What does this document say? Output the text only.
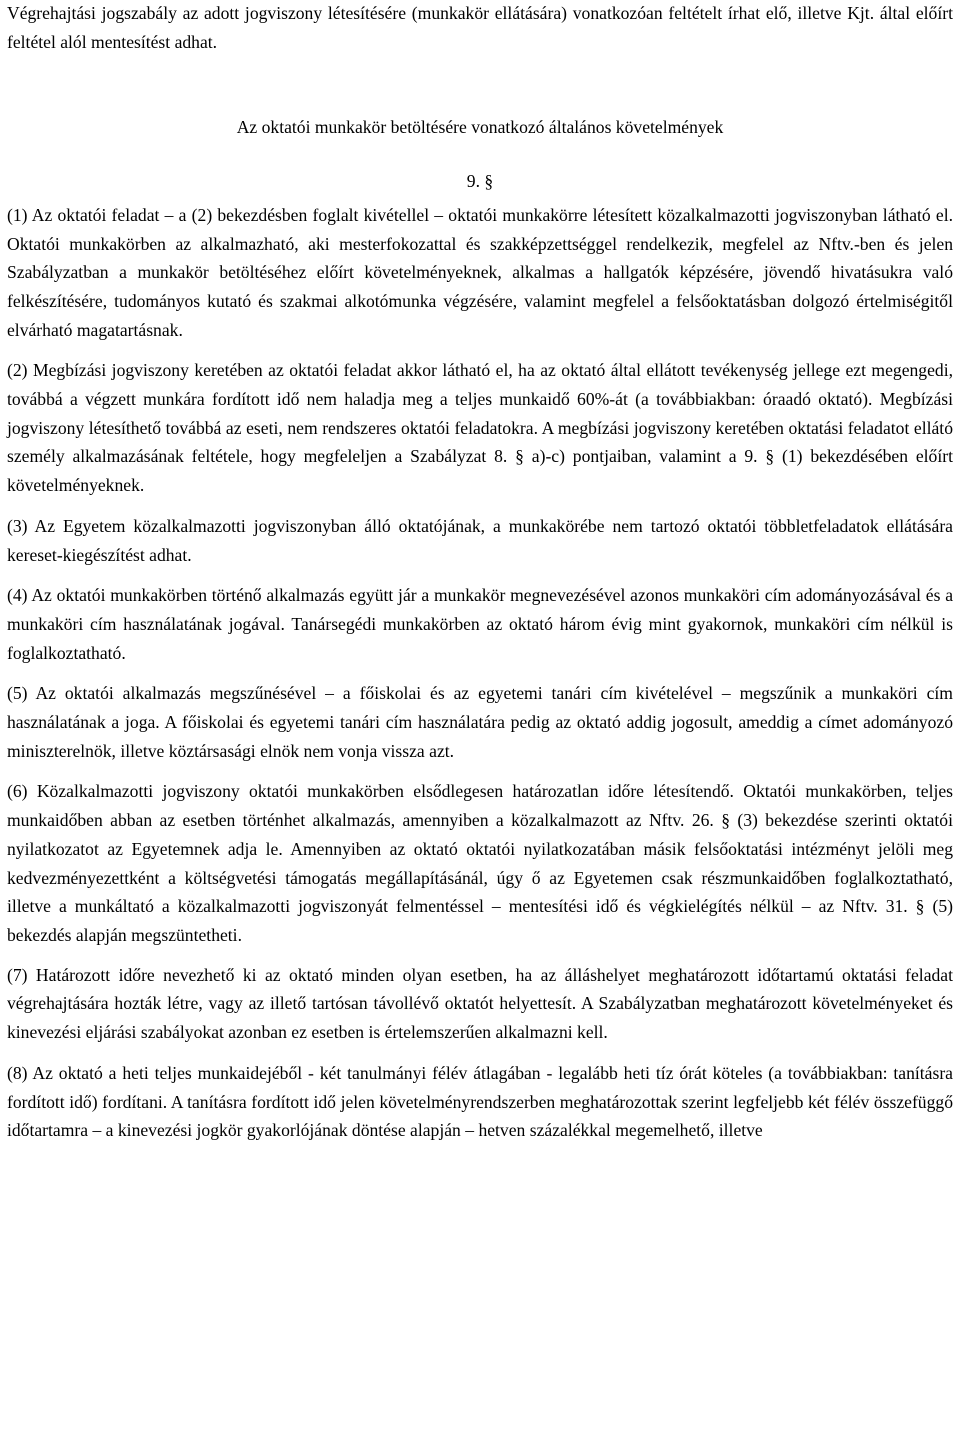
Végrehajtási jogszabály az adott jogviszony létesítésére (munkakör ellátására) vonatkozóan feltételt írhat elő, illetve Kjt. által előírt feltétel alól mentesítést adhat.

Az oktatói munkakör betöltésére vonatkozó általános követelmények

9. §

(1) Az oktatói feladat – a (2) bekezdésben foglalt kivétellel – oktatói munkakörre létesített közalkalmazotti jogviszonyban látható el. Oktatói munkakörben az alkalmazható, aki mesterfokozattal és szakképzettséggel rendelkezik, megfelel az Nftv.-ben és jelen Szabályzatban a munkakör betöltéséhez előírt követelményeknek, alkalmas a hallgatók képzésére, jövendő hivatásukra való felkészítésére, tudományos kutató és szakmai alkotómunka végzésére, valamint megfelel a felsőoktatásban dolgozó értelmiségitől elvárható magatartásnak.

(2) Megbízási jogviszony keretében az oktatói feladat akkor látható el, ha az oktató által ellátott tevékenység jellege ezt megengedi, továbbá a végzett munkára fordított idő nem haladja meg a teljes munkaidő 60%-át (a továbbiakban: óraadó oktató). Megbízási jogviszony létesíthető továbbá az eseti, nem rendszeres oktatói feladatokra. A megbízási jogviszony keretében oktatási feladatot ellátó személy alkalmazásának feltétele, hogy megfeleljen a Szabályzat 8. § a)-c) pontjaiban, valamint a 9. § (1) bekezdésében előírt követelményeknek.

(3) Az Egyetem közalkalmazotti jogviszonyban álló oktatójának, a munkakörébe nem tartozó oktatói többletfeladatok ellátására kereset-kiegészítést adhat.

(4) Az oktatói munkakörben történő alkalmazás együtt jár a munkakör megnevezésével azonos munkaköri cím adományozásával és a munkaköri cím használatának jogával. Tanársegédi munkakörben az oktató három évig mint gyakornok, munkaköri cím nélkül is foglalkoztatható.

(5) Az oktatói alkalmazás megszűnésével – a főiskolai és az egyetemi tanári cím kivételével – megszűnik a munkaköri cím használatának a joga. A főiskolai és egyetemi tanári cím használatára pedig az oktató addig jogosult, ameddig a címet adományozó miniszterelnök, illetve köztársasági elnök nem vonja vissza azt.

(6) Közalkalmazotti jogviszony oktatói munkakörben elsődlegesen határozatlan időre létesítendő. Oktatói munkakörben, teljes munkaidőben abban az esetben történhet alkalmazás, amennyiben a közalkalmazott az Nftv. 26. § (3) bekezdése szerinti oktatói nyilatkozatot az Egyetemnek adja le. Amennyiben az oktató oktatói nyilatkozatában másik felsőoktatási intézményt jelöli meg kedvezményezettként a költségvetési támogatás megállapításánál, úgy ő az Egyetemen csak részmunkaidőben foglalkoztatható, illetve a munkáltató a közalkalmazotti jogviszonyát felmentéssel – mentesítési idő és végkielégítés nélkül – az Nftv. 31. § (5) bekezdés alapján megszüntetheti.

(7) Határozott időre nevezhető ki az oktató minden olyan esetben, ha az álláshelyet meghatározott időtartamú oktatási feladat végrehajtására hozták létre, vagy az illető tartósan távollévő oktatót helyettesít. A Szabályzatban meghatározott követelményeket és kinevezési eljárási szabályokat azonban ez esetben is értelemszerűen alkalmazni kell.

(8) Az oktató a heti teljes munkaidejéből - két tanulmányi félév átlagában - legalább heti tíz órát köteles (a továbbiakban: tanításra fordított idő) fordítani. A tanításra fordított idő jelen követelményrendszerben meghatározottak szerint legfeljebb két félév összefüggő időtartamra – a kinevezési jogkör gyakorlójának döntése alapján – hetven százalékkal megemelhető, illetve
